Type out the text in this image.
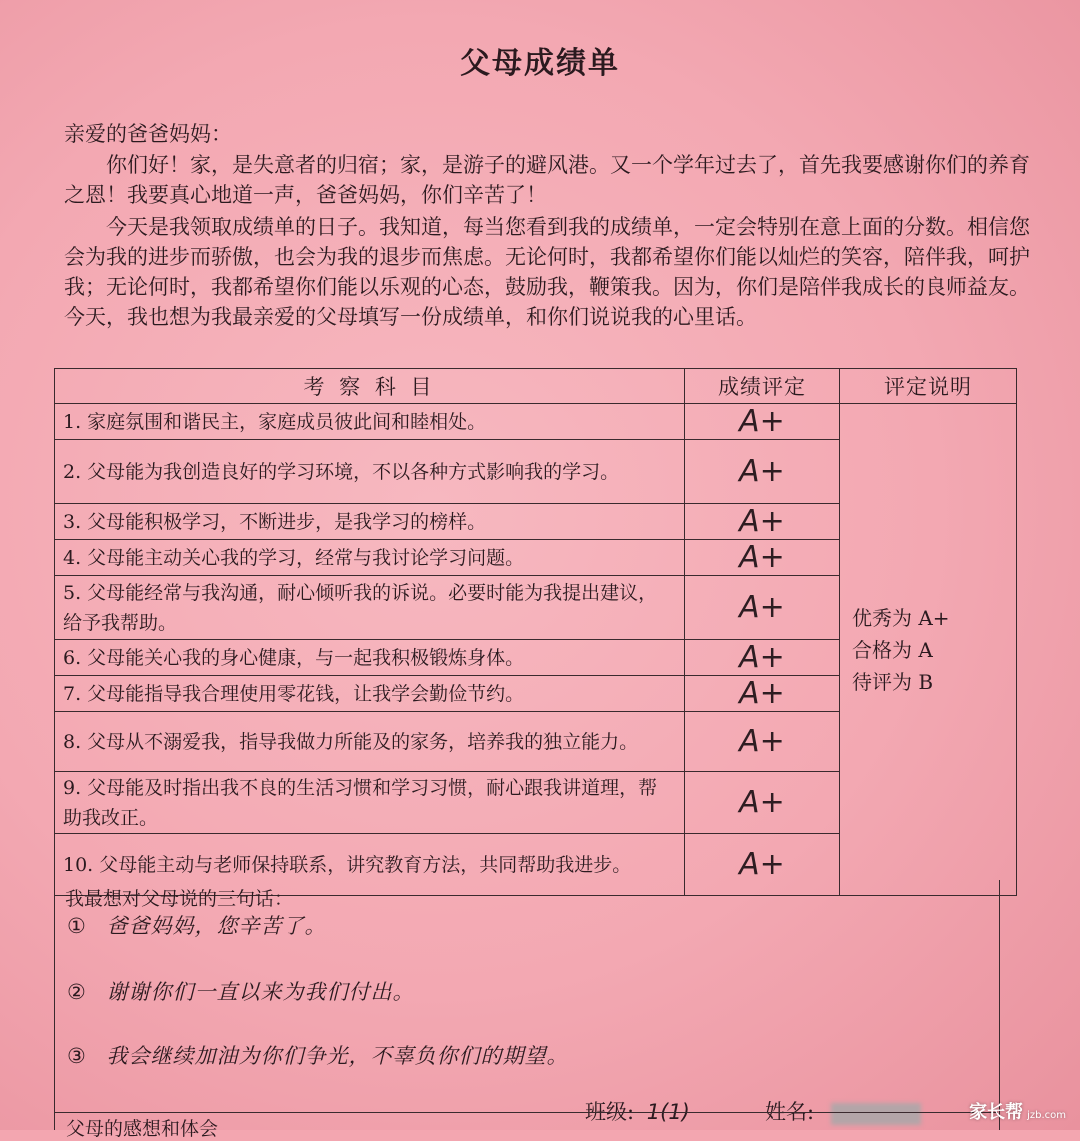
父母成绩单
亲爱的爸爸妈妈：

你们好！家，是失意者的归宿；家，是游子的避风港。又一个学年过去了，首先我要感谢你们的养育之恩！我要真心地道一声，爸爸妈妈，你们辛苦了！

今天是我领取成绩单的日子。我知道，每当您看到我的成绩单，一定会特别在意上面的分数。相信您会为我的进步而骄傲，也会为我的退步而焦虑。无论何时，我都希望你们能以灿烂的笑容，陪伴我，呵护我；无论何时，我都希望你们能以乐观的心态，鼓励我，鞭策我。因为，你们是陪伴我成长的良师益友。今天，我也想为我最亲爱的父母填写一份成绩单，和你们说说我的心里话。

考 察 科 目	成绩评定	评定说明
1. 家庭氛围和谐民主，家庭成员彼此间和睦相处。	A+	优秀为 A+
合格为 A
待评为 B

2. 父母能为我创造良好的学习环境，不以各种方式影响我的学习。	A+	
3. 父母能积极学习，不断进步，是我学习的榜样。	A+	
4. 父母能主动关心我的学习，经常与我讨论学习问题。	A+	
5. 父母能经常与我沟通，耐心倾听我的诉说。必要时能为我提出建议，给予我帮助。	A+	
6. 父母能关心我的身心健康，与一起我积极锻炼身体。	A+	
7. 父母能指导我合理使用零花钱，让我学会勤俭节约。	A+	
8. 父母从不溺爱我，指导我做力所能及的家务，培养我的独立能力。	A+	
9. 父母能及时指出我不良的生活习惯和学习习惯，耐心跟我讲道理，帮助我改正。	A+	
10. 父母能主动与老师保持联系，讲究教育方法，共同帮助我进步。	A+	
我最想对父母说的三句话：
① 爸爸妈妈，您辛苦了。
② 谢谢你们一直以来为我们付出。
③ 我会继续加油为你们争光，不辜负你们的期望。
班级: 1(1)	姓名:
父母的感想和体会
家长帮 jzb.com
